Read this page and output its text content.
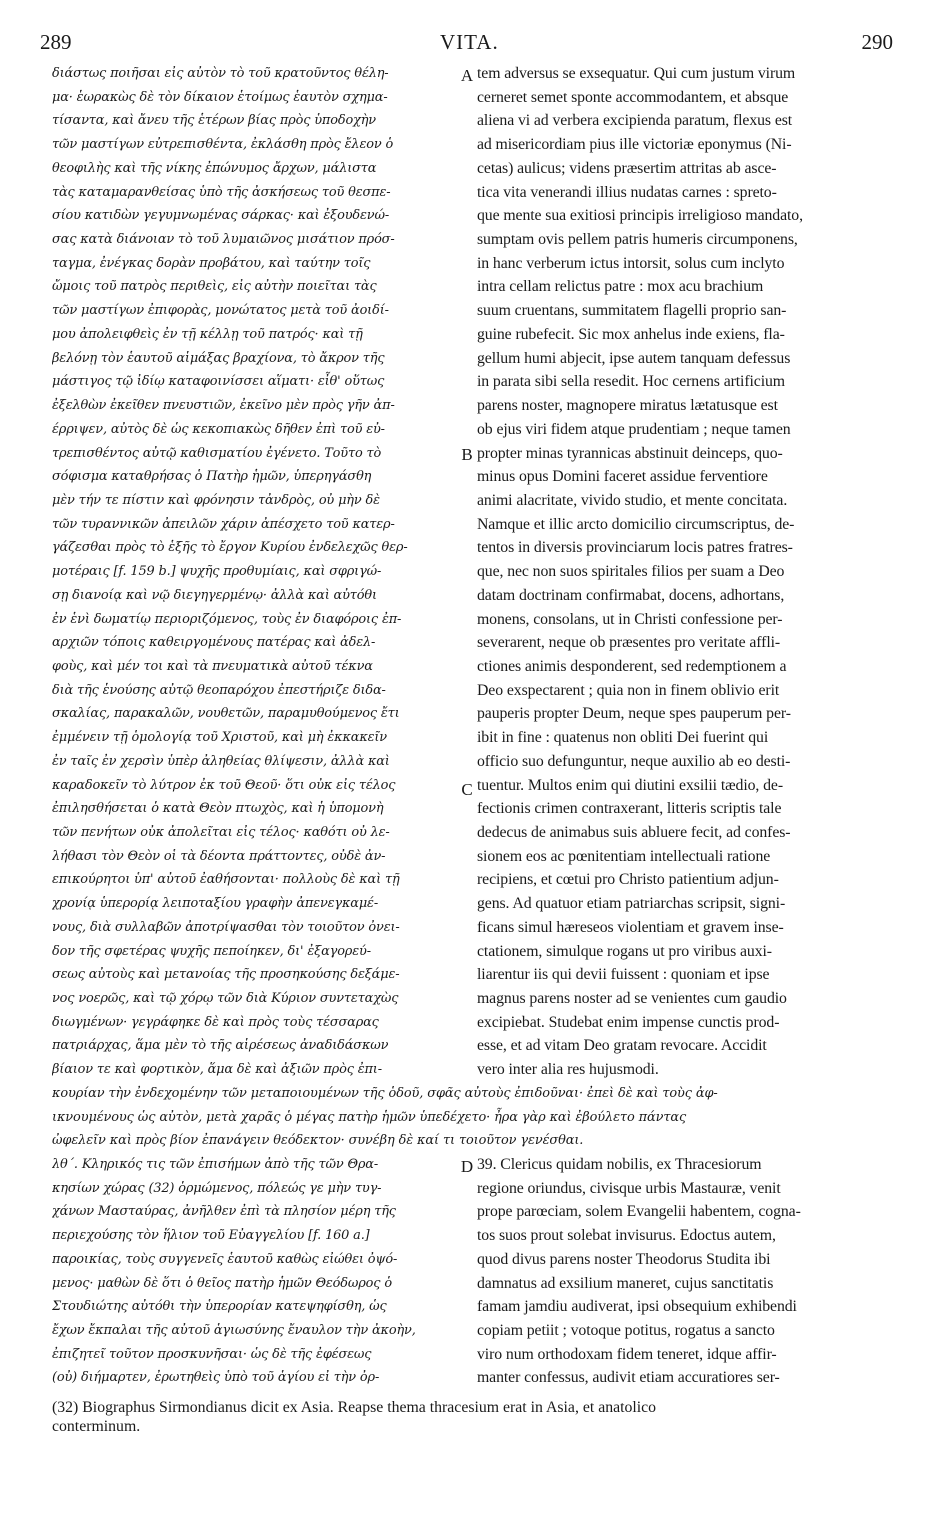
289	VITA.	290
διάστως ποιῆσαι εἰς αὐτὸν τὸ τοῦ κρατοῦντος θέλη-
μα· ἑωρακὼς δὲ τὸν δίκαιον ἑτοίμως ἑαυτὸν σχημα-
τίσαντα, καὶ ἄνευ τῆς ἑτέρων βίας πρὸς ὑποδοχὴν
τῶν μαστίγων εὐτρεπισθέντα, ἐκλάσθη πρὸς ἔλεον ὁ
θεοφιλὴς καὶ τῆς νίκης ἐπώνυμος ἄρχων, μάλιστα
τὰς καταμαρανθείσας ὑπὸ τῆς ἀσκήσεως τοῦ θεσπε-
σίου κατιδὼν γεγυμνωμένας σάρκας· καὶ ἐξουδενώ-
σας κατὰ διάνοιαν τὸ τοῦ λυμαιῶνος μισάτιον πρόσ-
ταγμα, ἐνέγκας δορὰν προβάτου, καὶ ταύτην τοῖς
ὤμοις τοῦ πατρὸς περιθεὶς, εἰς αὐτὴν ποιεῖται τὰς
τῶν μαστίγων ἐπιφορὰς, μονώτατος μετὰ τοῦ ἀοιδί-
μου ἀπολειφθεὶς ἐν τῇ κέλλῃ τοῦ πατρός· καὶ τῇ
βελόνῃ τὸν ἑαυτοῦ αἱμάξας βραχίονα, τὸ ἄκρον τῆς
μάστιγος τῷ ἰδίῳ καταφοινίσσει αἵματι· εἶθ' οὕτως
ἐξελθὼν ἐκεῖθεν πνευστιῶν, ἐκεῖνο μὲν πρὸς γῆν ἀπ-
έρριψεν, αὐτὸς δὲ ὡς κεκοπιακὼς δῆθεν ἐπὶ τοῦ εὐ-
τρεπισθέντος αὐτῷ καθισματίου ἐγένετο. Τοῦτο τὸ
σόφισμα καταθρήσας ὁ Πατὴρ ἡμῶν, ὑπερηγάσθη
μὲν τήν τε πίστιν καὶ φρόνησιν τἀνδρὸς, οὐ μὴν δὲ
τῶν τυραννικῶν ἀπειλῶν χάριν ἀπέσχετο τοῦ κατερ-
γάζεσθαι πρὸς τὸ ἑξῆς τὸ ἔργον Κυρίου ἐνδελεχῶς θερ-
μοτέραις [f. 159 b.] ψυχῆς προθυμίαις, καὶ σφριγώ-
σῃ διανοίᾳ καὶ νῷ διεγηγερμένῳ· ἀλλὰ καὶ αὐτόθι
ἐν ἑνὶ δωματίῳ περιοριζόμενος, τοὺς ἐν διαφόροις ἐπ-
αρχιῶν τόποις καθειργομένους πατέρας καὶ ἀδελ-
φοὺς, καὶ μέν τοι καὶ τὰ πνευματικὰ αὐτοῦ τέκνα
διὰ τῆς ἑνούσης αὐτῷ θεοπαρόχου ἐπεστήριζε διδα-
σκαλίας, παρακαλῶν, νουθετῶν, παραμυθούμενος ἔτι
ἐμμένειν τῇ ὁμολογίᾳ τοῦ Χριστοῦ, καὶ μὴ ἐκκακεῖν
ἐν ταῖς ἐν χερσὶν ὑπὲρ ἀληθείας θλίψεσιν, ἀλλὰ καὶ
καραδοκεῖν τὸ λύτρον ἐκ τοῦ Θεοῦ· ὅτι οὐκ εἰς τέλος
ἐπιλησθήσεται ὁ κατὰ Θεὸν πτωχὸς, καὶ ἡ ὑπομονὴ
τῶν πενήτων οὐκ ἀπολεῖται εἰς τέλος· καθότι οὐ λε-
λήθασι τὸν Θεὸν οἱ τὰ δέοντα πράττοντες, οὐδὲ ἀν-
επικούρητοι ὑπ' αὐτοῦ ἐαθήσονται· πολλοὺς δὲ καὶ τῇ
χρονίᾳ ὑπερορίᾳ λειποταξίου γραφὴν ἀπενεγκαμέ-
νους, διὰ συλλαβῶν ἀποτρίψασθαι τὸν τοιοῦτον ὀνει-
δον τῆς σφετέρας ψυχῆς πεποίηκεν, δι' ἐξαγορεύ-
σεως αὐτοὺς καὶ μετανοίας τῆς προσηκούσης δεξάμε-
νος νοερῶς, καὶ τῷ χόρῳ τῶν διὰ Κύριον συντεταχὼς
διωγμένων· γεγράφηκε δὲ καὶ πρὸς τοὺς τέσσαρας
πατριάρχας, ἅμα μὲν τὸ τῆς αἱρέσεως ἀναδιδάσκων
βίαιον τε καὶ φορτικὸν, ἅμα δὲ καὶ ἀξιῶν πρὸς ἐπι-
tem adversus se exsequatur. Qui cum justum virum
cerneret semet sponte accommodantem, et absque
aliena vi ad verbera excipienda paratum, flexus est
ad misericordiam pius ille victoriæ eponymus (Ni-
cetas) aulicus; videns præsertim attritas ab asce-
tica vita venerandi illius nudatas carnes : spreto-
que mente sua exitiosi principis irreligioso mandato,
sumptam ovis pellem patris humeris circumponens,
in hanc verberum ictus intorsit, solus cum inclyto
intra cellam relictus patre : mox acu brachium
suum cruentans, summitatem flagelli proprio san-
guine rubefecit. Sic mox anhelus inde exiens, fla-
gellum humi abjecit, ipse autem tanquam defessus
in parata sibi sella resedit. Hoc cernens artificium
parens noster, magnopere miratus lætatusque est
ob ejus viri fidem atque prudentiam ; neque tamen
propter minas tyrannicas abstinuit deinceps, quo-
minus opus Domini faceret assidue ferventiore
animi alacritate, vivido studio, et mente concitata.
Namque et illic arcto domicilio circumscriptus, de-
tentos in diversis provinciarum locis patres fratres-
que, nec non suos spiritales filios per suam a Deo
datam doctrinam confirmabat, docens, adhortans,
monens, consolans, ut in Christi confessione per-
severarent, neque ob præsentes pro veritate affli-
ctiones animis desponderent, sed redemptionem a
Deo exspectarent ; quia non in finem oblivio erit
pauperis propter Deum, neque spes pauperum per-
ibit in fine : quatenus non obliti Dei fuerint qui
officio suo defunguntur, neque auxilio ab eo desti-
tuentur. Multos enim qui diutini exsilii tædio, de-
fectionis crimen contraxerant, litteris scriptis tale
dedecus de animabus suis abluere fecit, ad confes-
sionem eos ac pœnitentiam intellectuali ratione
recipiens, et cœtui pro Christo patientium adjun-
gens. Ad quatuor etiam patriarchas scripsit, signi-
ficans simul hæreseos violentiam et gravem inse-
ctationem, simulque rogans ut pro viribus auxi-
liarentur iis qui devii fuissent : quoniam et ipse
magnus parens noster ad se venientes cum gaudio
excipiebat. Studebat enim impense cunctis prod-
esse, et ad vitam Deo gratam revocare. Accidit
vero inter alia res hujusmodi.
κουρίαν τὴν ἐνδεχομένην τῶν μεταποιουμένων τῆς ὁδοῦ, σφᾶς αὐτοὺς ἐπιδοῦναι· ἐπεὶ δὲ καὶ τοὺς ἀφ-
ικνουμένους ὡς αὐτὸν, μετὰ χαρᾶς ὁ μέγας πατὴρ ἡμῶν ὑπεδέχετο· ἦρα γὰρ καὶ ἐβούλετο πάντας
ὠφελεῖν καὶ πρὸς βίον ἐπανάγειν θεόδεκτον· συνέβη δὲ καί τι τοιοῦτον γενέσθαι.
λθ΄. Κληρικός τις τῶν ἐπισήμων ἀπὸ τῆς τῶν Θρα-
κησίων χώρας (32) ὁρμώμενος, πόλεώς γε μὴν τυγ-
χάνων Μασταύρας, ἀνῆλθεν ἐπὶ τὰ πλησίον μέρη τῆς
περιεχούσης τὸν ἥλιον τοῦ Εὐαγγελίου [f. 160 a.]
παροικίας, τοὺς συγγενεῖς ἑαυτοῦ καθὼς εἰώθει ὀψό-
μενος· μαθὼν δὲ ὅτι ὁ θεῖος πατὴρ ἡμῶν Θεόδωρος ὁ
Στουδιώτης αὐτόθι τὴν ὑπερορίαν κατεψηφίσθη, ὡς
ἔχων ἔκπαλαι τῆς αὐτοῦ ἁγιωσύνης ἔναυλον τὴν ἀκοὴν,
ἐπιζητεῖ τοῦτον προσκυνῆσαι· ὡς δὲ τῆς ἐφέσεως
(οὐ) διήμαρτεν, ἐρωτηθεὶς ὑπὸ τοῦ ἁγίου εἰ τὴν ὀρ-
39. Clericus quidam nobilis, ex Thracesiorum
regione oriundus, civisque urbis Mastauræ, venit
prope parœciam, solem Evangelii habentem, cogna-
tos suos prout solebat invisurus. Edoctus autem,
quod divus parens noster Theodorus Studita ibi
damnatus ad exsilium maneret, cujus sanctitatis
famam jamdiu audiverat, ipsi obsequium exhibendi
copiam petiit ; votoque potitus, rogatus a sancto
viro num orthodoxam fidem teneret, idque affir-
manter confessus, audivit etiam accuratiores ser-
A
B
C
D
(32) Biographus Sirmondianus dicit ex Asia. Reapse thema thracesium erat in Asia, et anatolico
conterminum.
